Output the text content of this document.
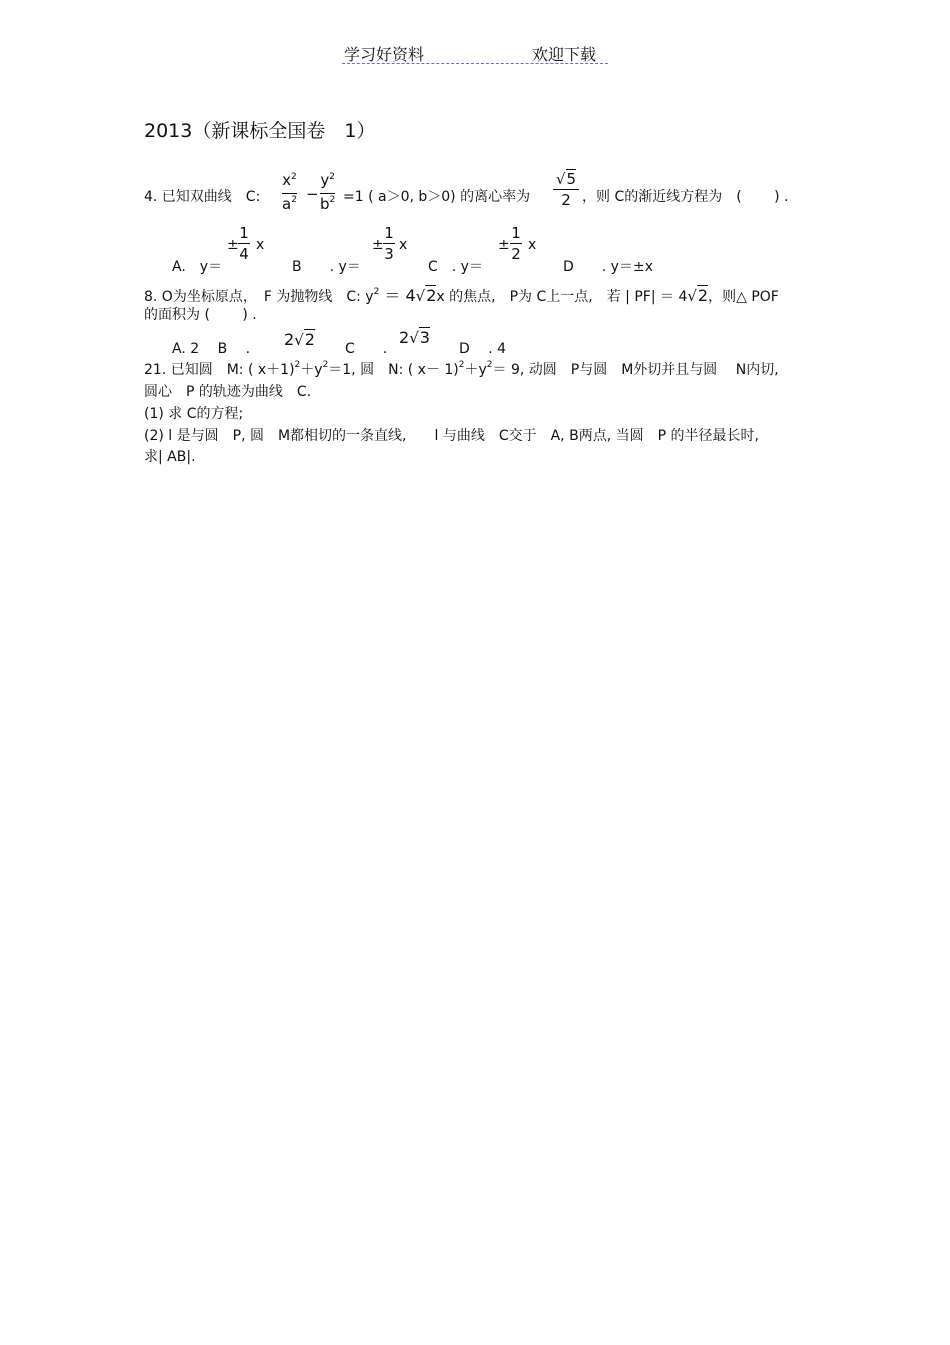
学习好资料	欢迎下载
2013（新课标全国卷　1）
4. 已知双曲线　C:
$x^2$
$a^2$ −
$y^2$
$b^2 =1$ ( a＞0, b＞0) 的离心率为
√5
2 ，则 C的渐近线方程为　(　　 ) .
A.　y＝
±
1
4 x
B　　. y＝
±
1
3 x
C　. y＝
±
1
2 x
D　　. y＝±x
8. O为坐标原点，　F 为抛物线　C: $y^2 = 4√2x$ 的焦点,　P为 C上一点,　若 | PF| ＝ 4√2，则△ POF
的面积为 (　　 ) .
A. 2　 B　 . 2√2 C　　.
2√3
D　 . 4
21. 已知圆　M: ( $x+1)^2+y^2=1$, 圆　N: ( $x- 1)^2+y^2= 9$, 动圆　P与圆　M外切并且与圆　 N内切,
圆心　P 的轨迹为曲线　C.
(1) 求 C的方程;
(2) l 是与圆　P, 圆　M都相切的一条直线,　　l 与曲线　C交于　A, B两点, 当圆　P 的半径最长时,
求| AB|.
